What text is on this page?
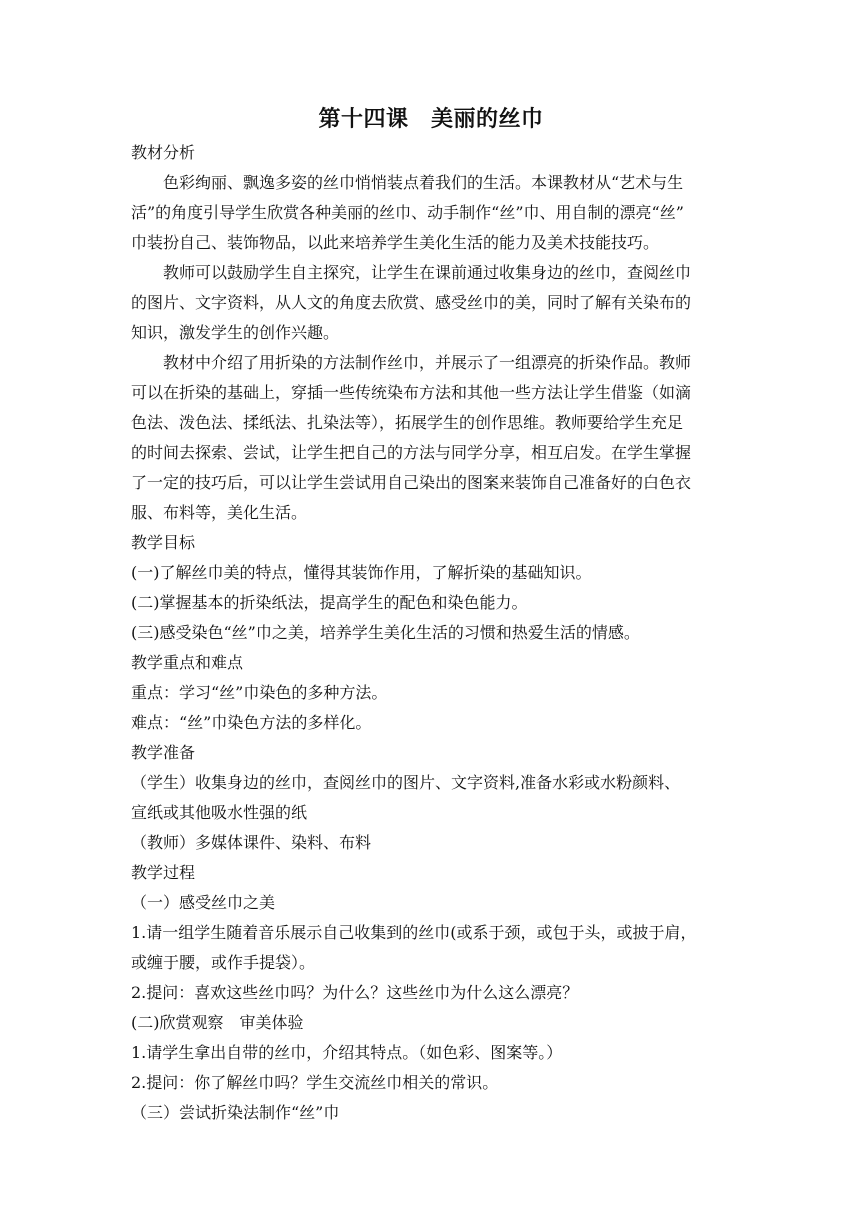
第十四课　美丽的丝巾
教材分析
色彩绚丽、飘逸多姿的丝巾悄悄装点着我们的生活。本课教材从“艺术与生
活”的角度引导学生欣赏各种美丽的丝巾、动手制作“丝”巾、用自制的漂亮“丝”
巾装扮自己、装饰物品，以此来培养学生美化生活的能力及美术技能技巧。
教师可以鼓励学生自主探究，让学生在课前通过收集身边的丝巾，查阅丝巾
的图片、文字资料，从人文的角度去欣赏、感受丝巾的美，同时了解有关染布的
知识，激发学生的创作兴趣。
教材中介绍了用折染的方法制作丝巾，并展示了一组漂亮的折染作品。教师
可以在折染的基础上，穿插一些传统染布方法和其他一些方法让学生借鉴（如滴
色法、泼色法、揉纸法、扎染法等），拓展学生的创作思维。教师要给学生充足
的时间去探索、尝试，让学生把自己的方法与同学分享，相互启发。在学生掌握
了一定的技巧后，可以让学生尝试用自己染出的图案来装饰自己准备好的白色衣
服、布料等，美化生活。
教学目标
(一)了解丝巾美的特点，懂得其装饰作用，了解折染的基础知识。
(二)掌握基本的折染纸法，提高学生的配色和染色能力。
(三)感受染色“丝”巾之美，培养学生美化生活的习惯和热爱生活的情感。
教学重点和难点
重点：学习“丝”巾染色的多种方法。
难点：“丝”巾染色方法的多样化。
教学准备
（学生）收集身边的丝巾，查阅丝巾的图片、文字资料,准备水彩或水粉颜料、
宣纸或其他吸水性强的纸
（教师）多媒体课件、染料、布料
教学过程
（一）感受丝巾之美
1.请一组学生随着音乐展示自己收集到的丝巾(或系于颈，或包于头，或披于肩，
或缠于腰，或作手提袋）。
2.提问：喜欢这些丝巾吗？为什么？这些丝巾为什么这么漂亮？
(二)欣赏观察　审美体验
1.请学生拿出自带的丝巾，介绍其特点。（如色彩、图案等。）
2.提问：你了解丝巾吗？学生交流丝巾相关的常识。
（三）尝试折染法制作“丝”巾
